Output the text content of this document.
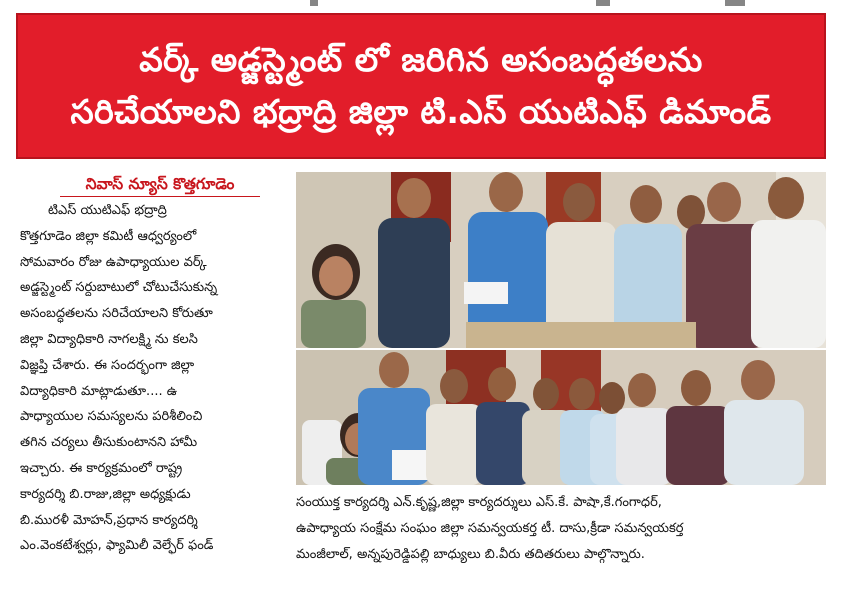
వర్క్ అడ్జస్ట్మెంట్ లో జరిగిన అసంబద్ధతలను
సరిచేయాలని భద్రాద్రి జిల్లా టి.ఎస్ యుటిఎఫ్ డిమాండ్
నివాస్ న్యూస్ కొత్తగూడెం
టిఎస్ యుటిఎఫ్ భద్రాద్రి
కొత్తగూడెం జిల్లా కమిటీ ఆధ్వర్యంలో
సోమవారం రోజు ఉపాధ్యాయుల వర్క్
అడ్జస్ట్మెంట్ సర్దుబాటులో చోటుచేసుకున్న
అసంబద్ధతలను సరిచేయాలని కోరుతూ
జిల్లా విద్యాధికారి నాగలక్ష్మి ను కలసి
విజ్ఞప్తి చేశారు. ఈ సందర్భంగా జిల్లా
విద్యాధికారి మాట్లాడుతూ.... ఉ
పాధ్యాయుల సమస్యలను పరిశీలించి
తగిన చర్యలు తీసుకుంటానని హామీ
ఇచ్చారు. ఈ కార్యక్రమంలో రాష్ట్ర
కార్యదర్శి బి.రాజు,జిల్లా అధ్యక్షుడు
బి.మురళీ మోహన్,ప్రధాన కార్యదర్శి
ఎం.వెంకటేశ్వర్లు, ఫ్యామిలీ వెల్ఫేర్ ఫండ్
సంయుక్త కార్యదర్శి ఎన్.కృష్ణ,జిల్లా కార్యదర్శులు ఎస్.కే. పాషా,కే.గంగాధర్,
ఉపాధ్యాయ సంక్షేమ సంఘం జిల్లా సమన్వయకర్త టీ. దాసు,క్రీడా సమన్వయకర్త
మంజీలాల్, అన్నపురెడ్డిపల్లి బాధ్యులు బి.వీరు తదితరులు పాల్గొన్నారు.
